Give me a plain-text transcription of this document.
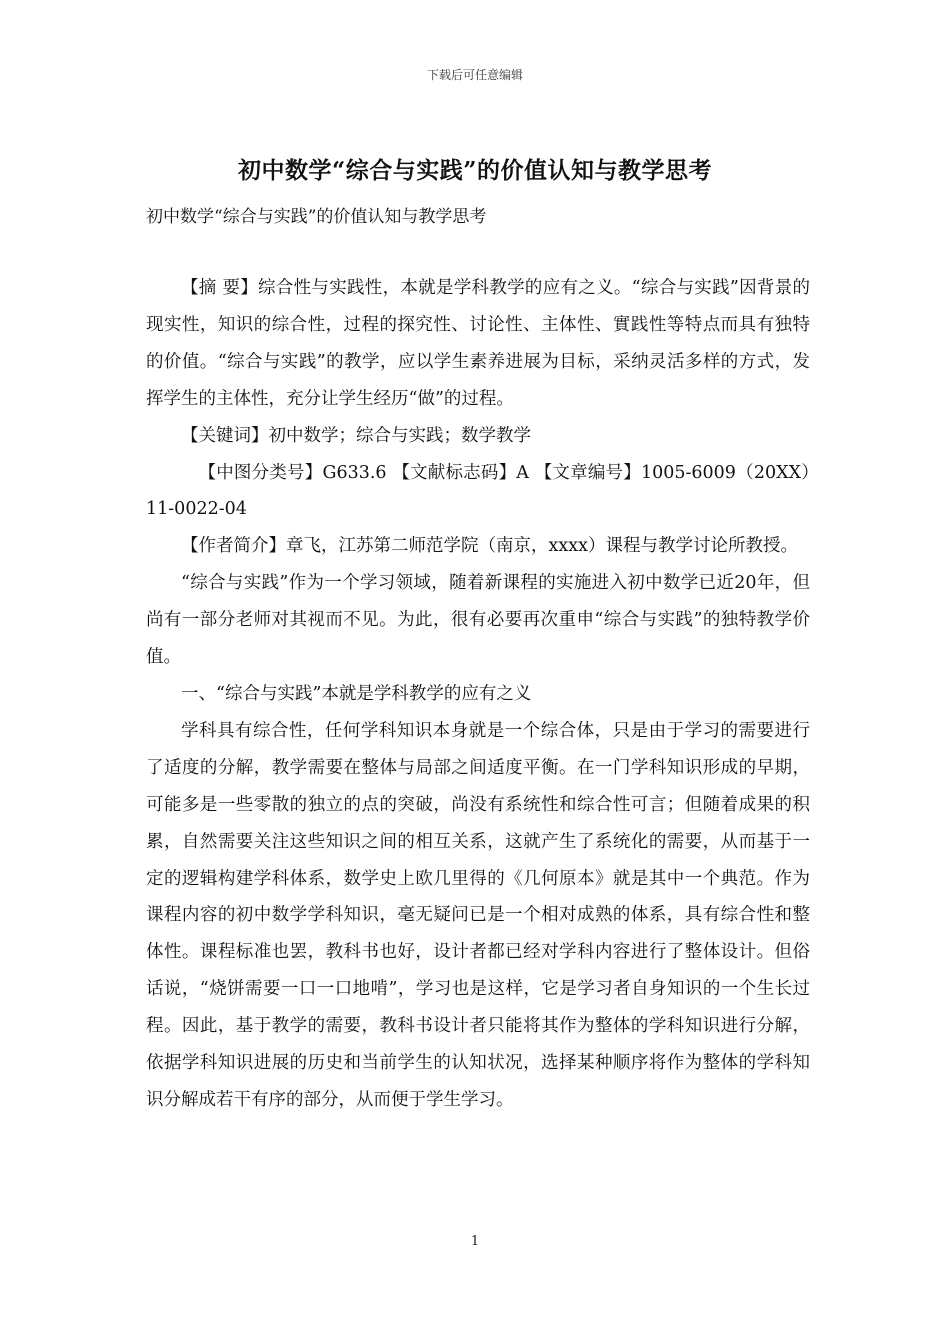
下载后可任意编辑
初中数学“综合与实践”的价值认知与教学思考
初中数学“综合与实践”的价值认知与教学思考

【摘 要】综合性与实践性，本就是学科教学的应有之义。“综合与实践”因背景的现实性，知识的综合性，过程的探究性、讨论性、主体性、實践性等特点而具有独特的价值。“综合与实践”的教学，应以学生素养进展为目标，采纳灵活多样的方式，发挥学生的主体性，充分让学生经历“做”的过程。

【关键词】初中数学；综合与实践；数学教学

【中图分类号】G633.6 【文献标志码】A 【文章编号】1005-6009（20XX）11-0022-04

【作者简介】章飞，江苏第二师范学院（南京，xxxx）课程与教学讨论所教授。

“综合与实践”作为一个学习领域，随着新课程的实施进入初中数学已近20年，但尚有一部分老师对其视而不见。为此，很有必要再次重申“综合与实践”的独特教学价值。

一、“综合与实践”本就是学科教学的应有之义

学科具有综合性，任何学科知识本身就是一个综合体，只是由于学习的需要进行了适度的分解，教学需要在整体与局部之间适度平衡。在一门学科知识形成的早期，可能多是一些零散的独立的点的突破，尚没有系统性和综合性可言；但随着成果的积累，自然需要关注这些知识之间的相互关系，这就产生了系统化的需要，从而基于一定的逻辑构建学科体系，数学史上欧几里得的《几何原本》就是其中一个典范。作为课程内容的初中数学学科知识，毫无疑问已是一个相对成熟的体系，具有综合性和整体性。课程标准也罢，教科书也好，设计者都已经对学科内容进行了整体设计。但俗话说，“烧饼需要一口一口地啃”，学习也是这样，它是学习者自身知识的一个生长过程。因此，基于教学的需要，教科书设计者只能将其作为整体的学科知识进行分解，依据学科知识进展的历史和当前学生的认知状况，选择某种顺序将作为整体的学科知识分解成若干有序的部分，从而便于学生学习。

1
